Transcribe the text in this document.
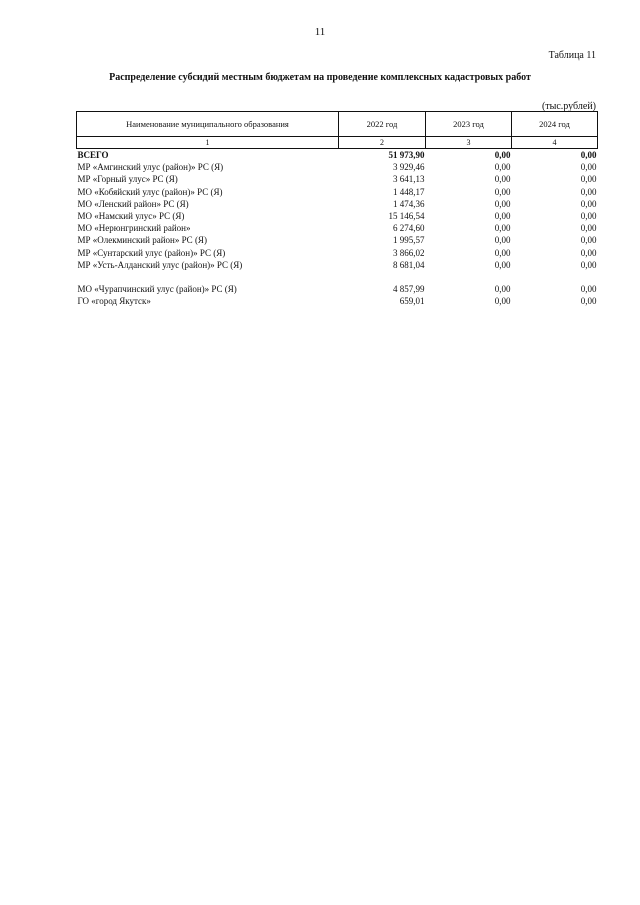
11
Таблица 11
Распределение субсидий местным бюджетам на проведение комплексных кадастровых работ
(тыс.рублей)
Наименование муниципального образования	2022 год	2023 год	2024 год
1	2	3	4
ВСЕГО	51 973,90	0,00	0,00
МР «Амгинский улус (район)» РС (Я)	3 929,46	0,00	0,00
МР «Горный улус» РС (Я)	3 641,13	0,00	0,00
МО «Кобяйский улус (район)» РС (Я)	1 448,17	0,00	0,00
МО «Ленский район» РС (Я)	1 474,36	0,00	0,00
МО «Намский улус» РС (Я)	15 146,54	0,00	0,00
МО «Нерюнгринский район»	6 274,60	0,00	0,00
МР «Олекминский район» РС (Я)	1 995,57	0,00	0,00
МР «Сунтарский улус (район)» РС (Я)	3 866,02	0,00	0,00
МР «Усть-Алданский улус (район)» РС (Я)	8 681,04	0,00	0,00

МО «Чурапчинский улус (район)» РС (Я)	4 857,99	0,00	0,00
ГО «город Якутск»	659,01	0,00	0,00
